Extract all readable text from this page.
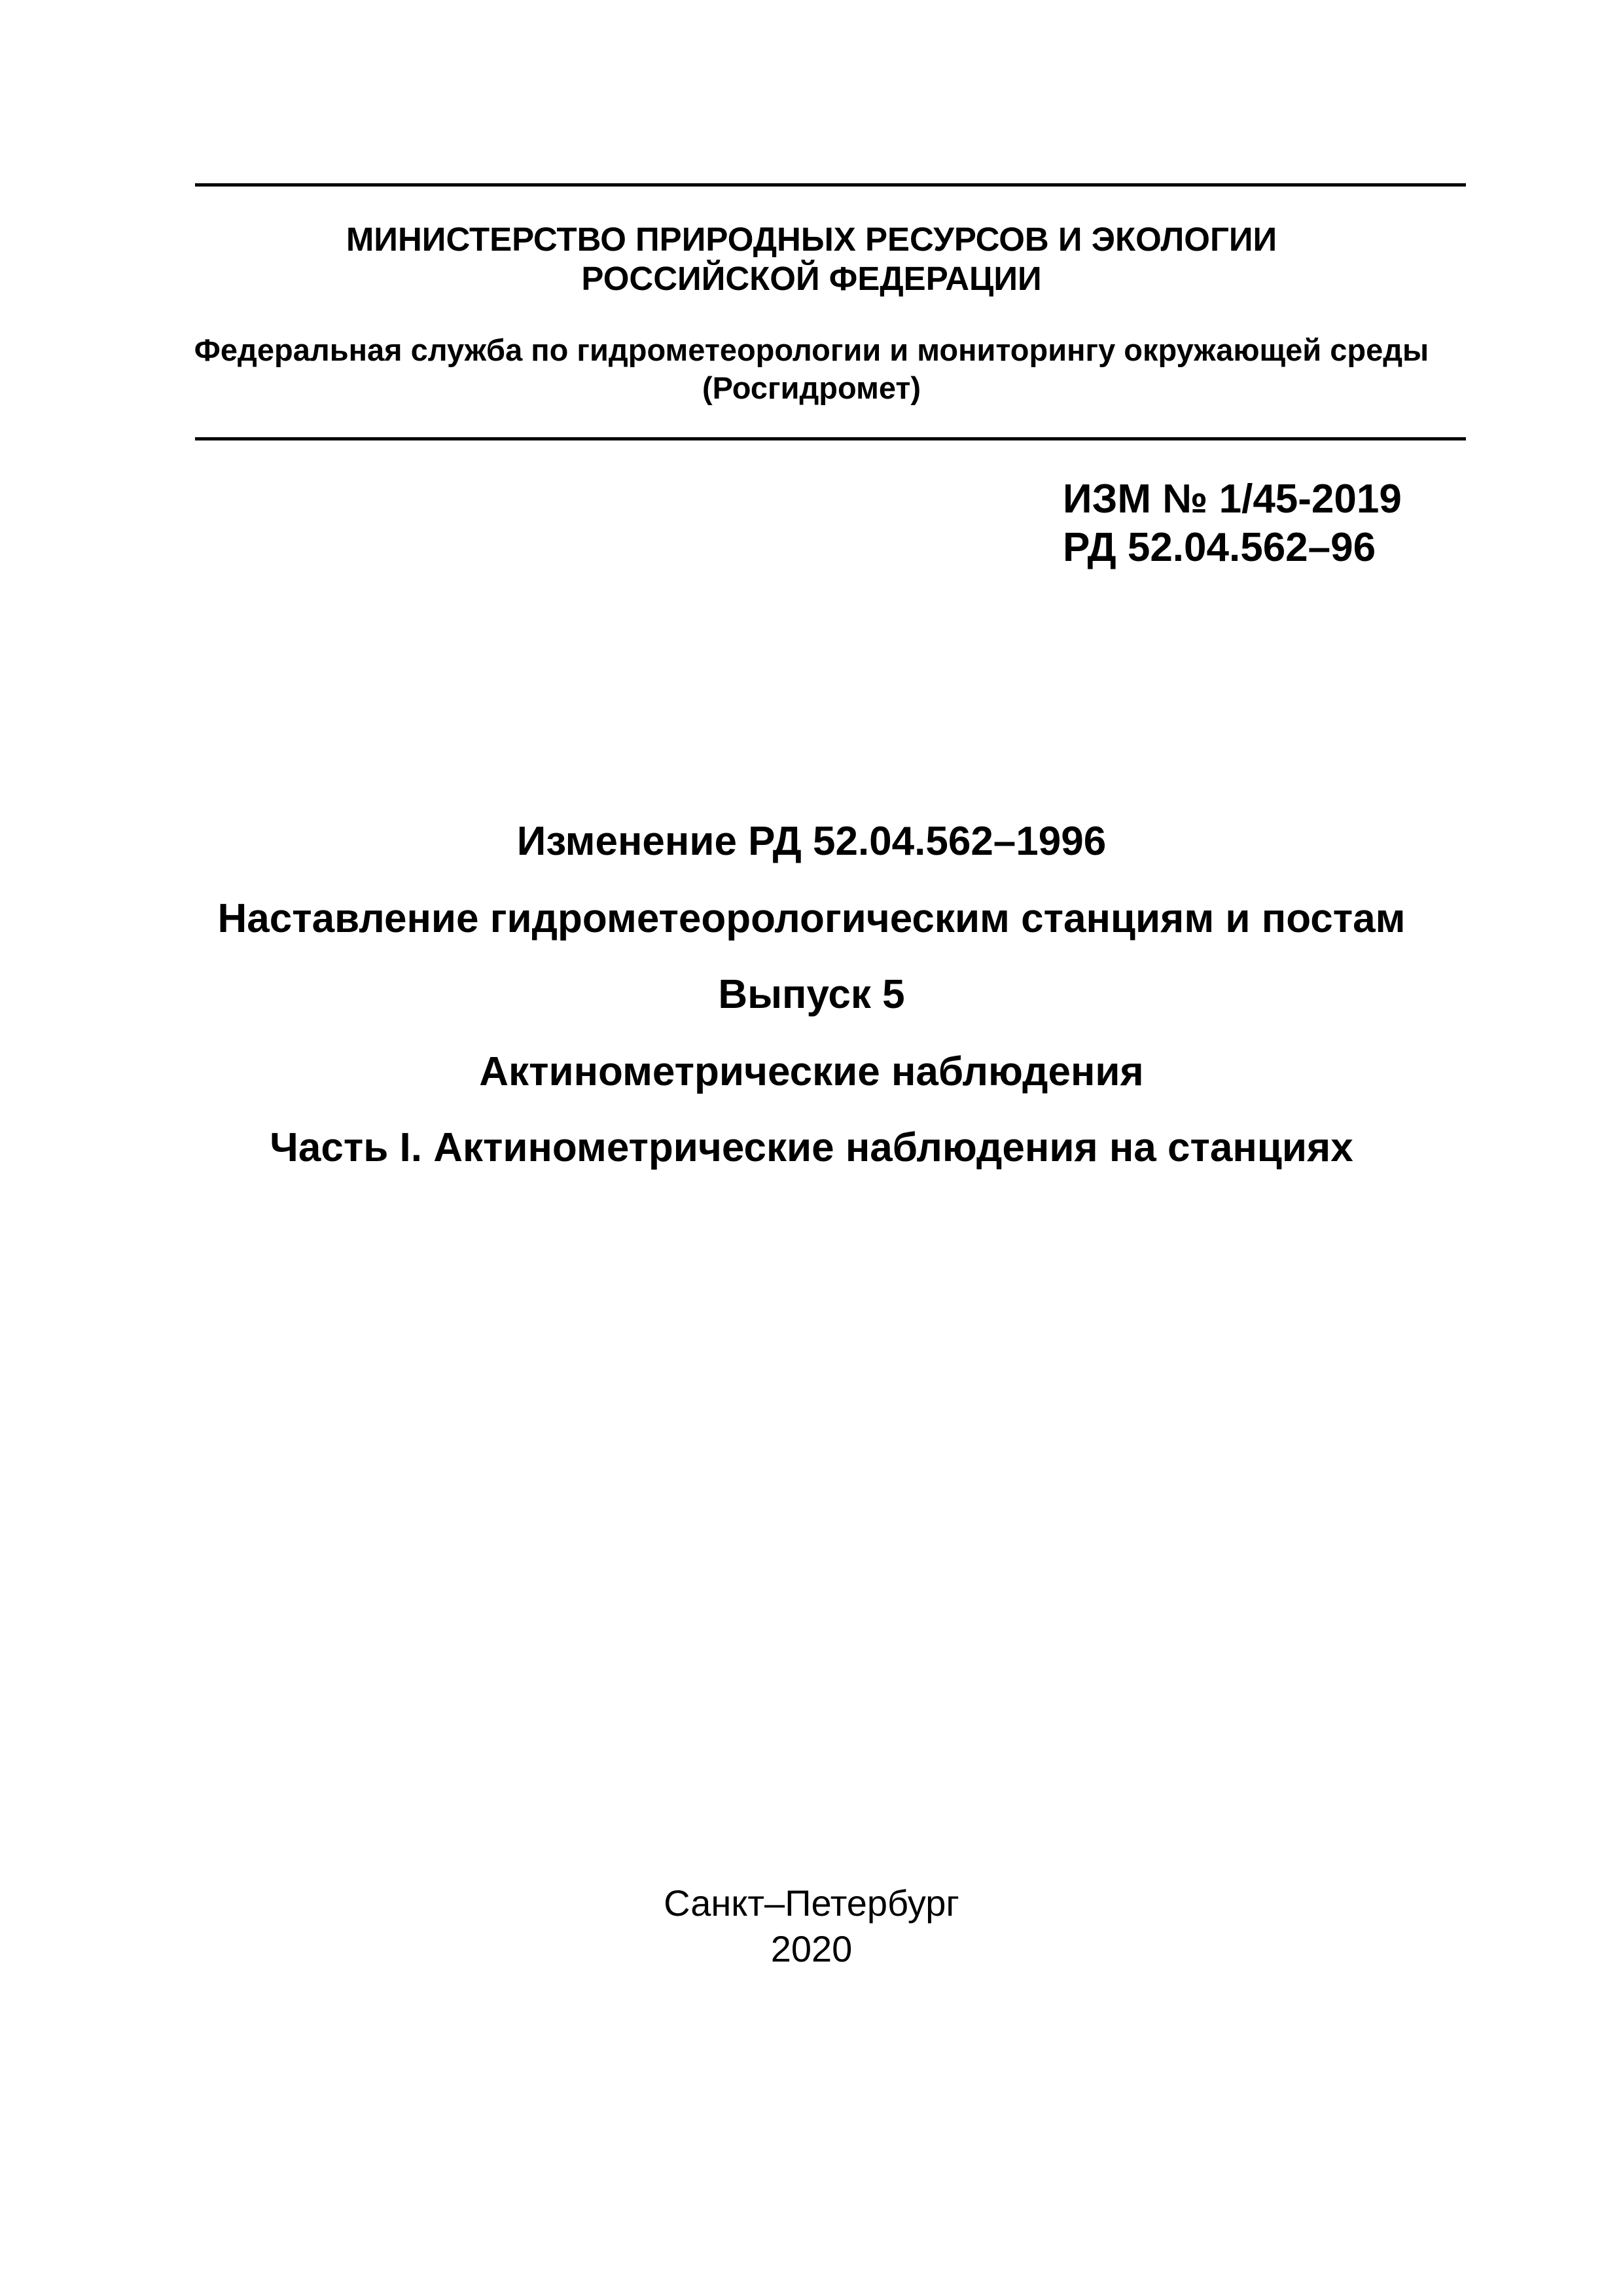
МИНИСТЕРСТВО ПРИРОДНЫХ РЕСУРСОВ И ЭКОЛОГИИ
РОССИЙСКОЙ ФЕДЕРАЦИИ
Федеральная служба по гидрометеорологии и мониторингу окружающей среды
(Росгидромет)
ИЗМ № 1/45-2019
РД 52.04.562–96
Изменение РД 52.04.562–1996
Наставление гидрометеорологическим станциям и постам
Выпуск 5
Актинометрические наблюдения
Часть I. Актинометрические наблюдения на станциях
Санкт–Петербург
2020
